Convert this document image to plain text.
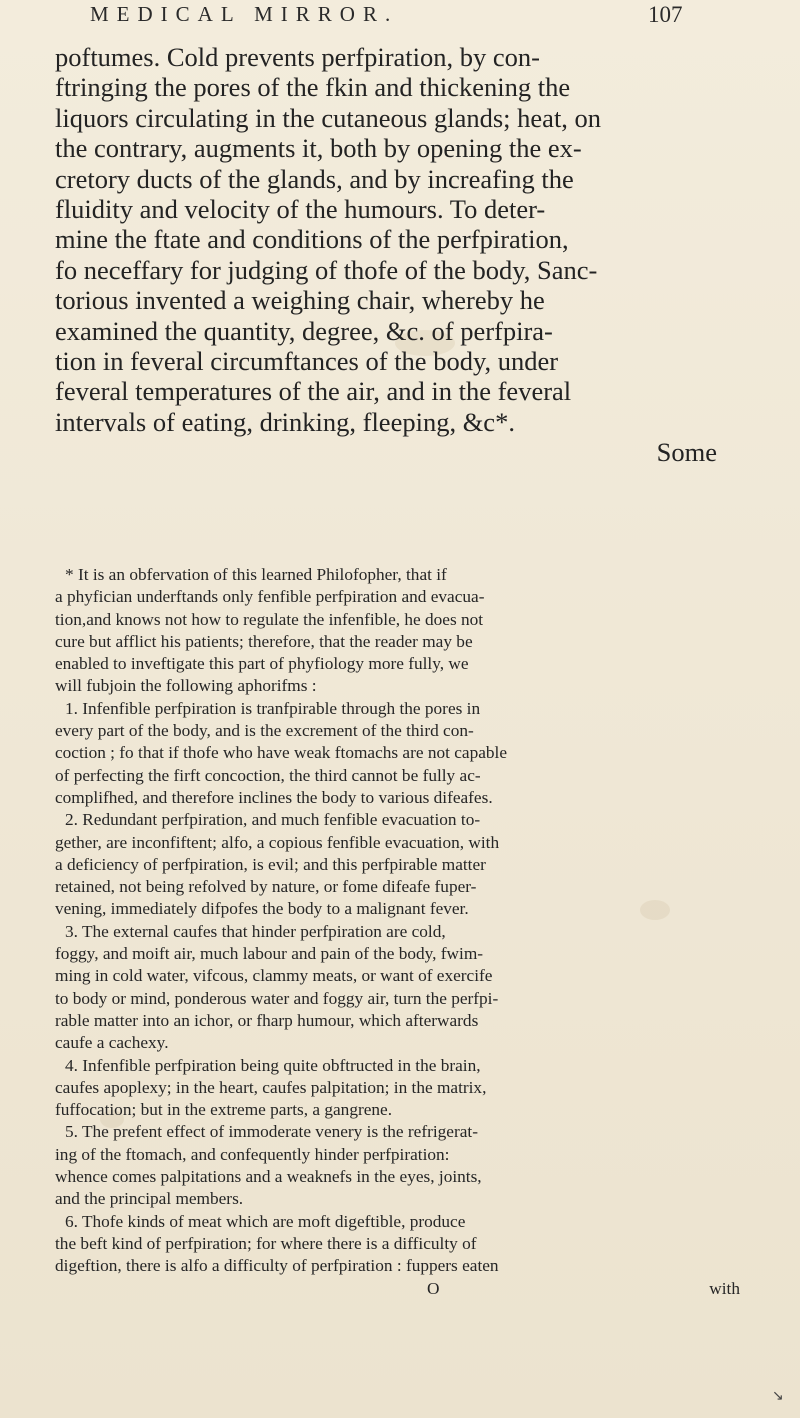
MEDICAL MIRROR.	107
poftumes. Cold prevents perfpiration, by con-
ftringing the pores of the fkin and thickening the
liquors circulating in the cutaneous glands; heat, on
the contrary, augments it, both by opening the ex-
cretory ducts of the glands, and by increafing the
fluidity and velocity of the humours. To deter-
mine the ftate and conditions of the perfpiration,
fo neceffary for judging of thofe of the body, Sanc-
torious invented a weighing chair, whereby he
examined the quantity, degree, &c. of perfpira-
tion in feveral circumftances of the body, under
feveral temperatures of the air, and in the feveral
intervals of eating, drinking, fleeping, &c*.
Some
* It is an obfervation of this learned Philofopher, that if
a phyfician underftands only fenfible perfpiration and evacua-
tion,and knows not how to regulate the infenfible, he does not
cure but afflict his patients; therefore, that the reader may be
enabled to inveftigate this part of phyfiology more fully, we
will fubjoin the following aphorifms :
1. Infenfible perfpiration is tranfpirable through the pores in
every part of the body, and is the excrement of the third con-
coction ; fo that if thofe who have weak ftomachs are not capable
of perfecting the firft concoction, the third cannot be fully ac-
complifhed, and therefore inclines the body to various difeafes.
2. Redundant perfpiration, and much fenfible evacuation to-
gether, are inconfiftent; alfo, a copious fenfible evacuation, with
a deficiency of perfpiration, is evil; and this perfpirable matter
retained, not being refolved by nature, or fome difeafe fuper-
vening, immediately difpofes the body to a malignant fever.
3. The external caufes that hinder perfpiration are cold,
foggy, and moift air, much labour and pain of the body, fwim-
ming in cold water, vifcous, clammy meats, or want of exercife
to body or mind, ponderous water and foggy air, turn the perfpi-
rable matter into an ichor, or fharp humour, which afterwards
caufe a cachexy.
4. Infenfible perfpiration being quite obftructed in the brain,
caufes apoplexy; in the heart, caufes palpitation; in the matrix,
fuffocation; but in the extreme parts, a gangrene.
5. The prefent effect of immoderate venery is the refrigerat-
ing of the ftomach, and confequently hinder perfpiration:
whence comes palpitations and a weaknefs in the eyes, joints,
and the principal members.
6. Thofe kinds of meat which are moft digeftible, produce
the beft kind of perfpiration; for where there is a difficulty of
digeftion, there is alfo a difficulty of perfpiration : fuppers eaten
O	with
↘
